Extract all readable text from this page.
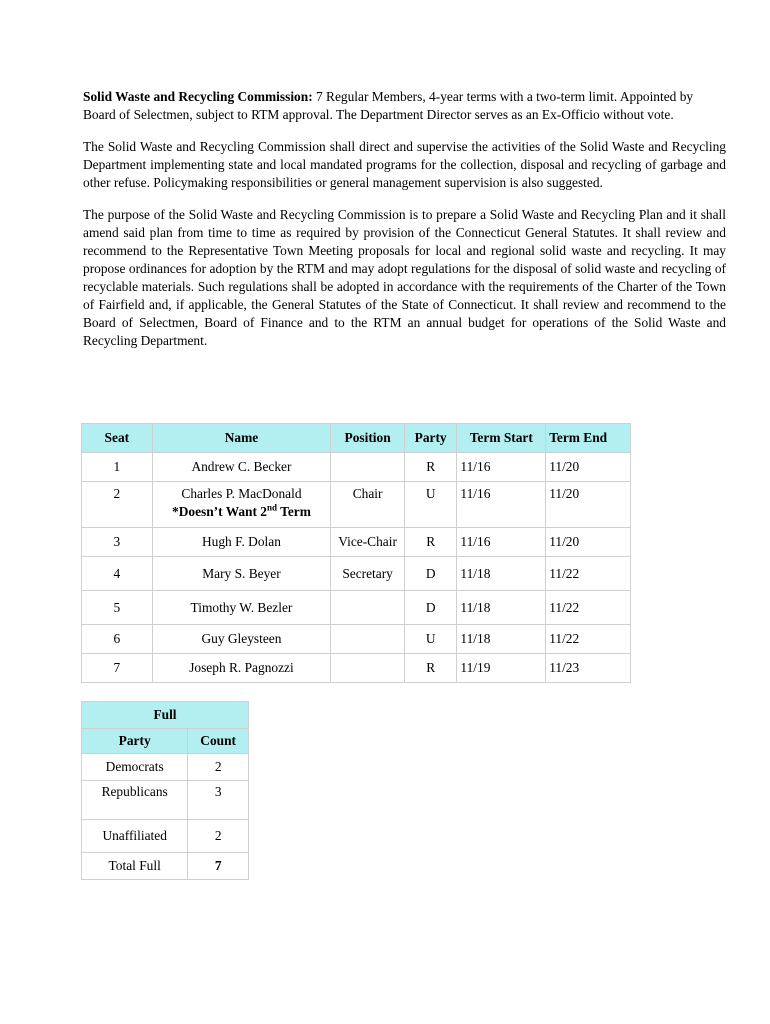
Solid Waste and Recycling Commission: 7 Regular Members, 4-year terms with a two-term limit. Appointed by Board of Selectmen, subject to RTM approval. The Department Director serves as an Ex-Officio without vote.

The Solid Waste and Recycling Commission shall direct and supervise the activities of the Solid Waste and Recycling Department implementing state and local mandated programs for the collection, disposal and recycling of garbage and other refuse. Policymaking responsibilities or general management supervision is also suggested.

The purpose of the Solid Waste and Recycling Commission is to prepare a Solid Waste and Recycling Plan and it shall amend said plan from time to time as required by provision of the Connecticut General Statutes. It shall review and recommend to the Representative Town Meeting proposals for local and regional solid waste and recycling. It may propose ordinances for adoption by the RTM and may adopt regulations for the disposal of solid waste and recycling of recyclable materials. Such regulations shall be adopted in accordance with the requirements of the Charter of the Town of Fairfield and, if applicable, the General Statutes of the State of Connecticut. It shall review and recommend to the Board of Selectmen, Board of Finance and to the RTM an annual budget for operations of the Solid Waste and Recycling Department.

Seat	Name	Position	Party	Term Start	Term End
1	Andrew C. Becker		R	11/16	11/20
2	Charles P. MacDonald
*Doesn’t Want 2nd Term	Chair	U	11/16	11/20
3	Hugh F. Dolan	Vice-Chair	R	11/16	11/20
4	Mary S. Beyer	Secretary	D	11/18	11/22
5	Timothy W. Bezler		D	11/18	11/22
6	Guy Gleysteen		U	11/18	11/22
7	Joseph R. Pagnozzi		R	11/19	11/23
Full	
Party	Count
Democrats	2
Republicans	3
Unaffiliated	2
Total Full	7
